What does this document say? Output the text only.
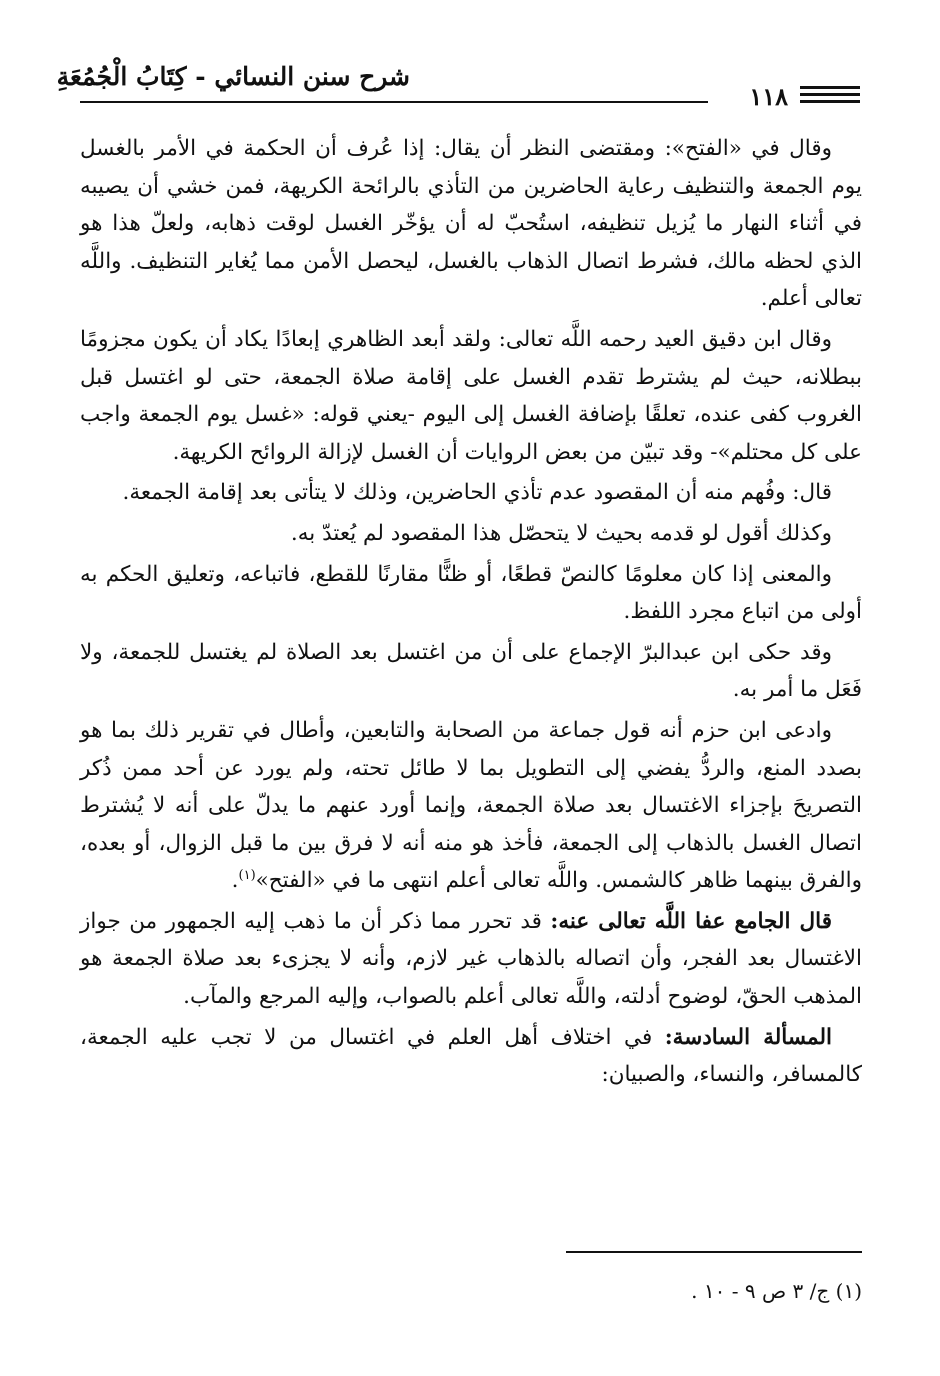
شرح سنن النسائي - كِتَابُ الْجُمُعَةِ
١١٨

وقال في «الفتح»: ومقتضى النظر أن يقال: إذا عُرف أن الحكمة في الأمر بالغسل يوم الجمعة والتنظيف رعاية الحاضرين من التأذي بالرائحة الكريهة، فمن خشي أن يصيبه في أثناء النهار ما يُزيل تنظيفه، استُحبّ له أن يؤخّر الغسل لوقت ذهابه، ولعلّ هذا هو الذي لحظه مالك، فشرط اتصال الذهاب بالغسل، ليحصل الأمن مما يُغاير التنظيف. واللَّه تعالى أعلم.

وقال ابن دقيق العيد رحمه اللَّه تعالى: ولقد أبعد الظاهري إبعادًا يكاد أن يكون مجزومًا ببطلانه، حيث لم يشترط تقدم الغسل على إقامة صلاة الجمعة، حتى لو اغتسل قبل الغروب كفى عنده، تعلقًا بإضافة الغسل إلى اليوم -يعني قوله: «غسل يوم الجمعة واجب على كل محتلم»- وقد تبيّن من بعض الروايات أن الغسل لإزالة الروائح الكريهة.

قال: وفُهم منه أن المقصود عدم تأذي الحاضرين، وذلك لا يتأتى بعد إقامة الجمعة.

وكذلك أقول لو قدمه بحيث لا يتحصّل هذا المقصود لم يُعتدّ به.

والمعنى إذا كان معلومًا كالنصّ قطعًا، أو ظنًّا مقارنًا للقطع، فاتباعه، وتعليق الحكم به أولى من اتباع مجرد اللفظ.

وقد حكى ابن عبدالبرّ الإجماع على أن من اغتسل بعد الصلاة لم يغتسل للجمعة، ولا فَعَل ما أمر به.

وادعى ابن حزم أنه قول جماعة من الصحابة والتابعين، وأطال في تقرير ذلك بما هو بصدد المنع، والردُّ يفضي إلى التطويل بما لا طائل تحته، ولم يورد عن أحد ممن ذُكر التصريحَ بإجزاء الاغتسال بعد صلاة الجمعة، وإنما أورد عنهم ما يدلّ على أنه لا يُشترط اتصال الغسل بالذهاب إلى الجمعة، فأخذ هو منه أنه لا فرق بين ما قبل الزوال، أو بعده، والفرق بينهما ظاهر كالشمس. واللَّه تعالى أعلم انتهى ما في «الفتح»$^{(١)}$.

قال الجامع عفا اللَّه تعالى عنه: قد تحرر مما ذكر أن ما ذهب إليه الجمهور من جواز الاغتسال بعد الفجر، وأن اتصاله بالذهاب غير لازم، وأنه لا يجزىء بعد صلاة الجمعة هو المذهب الحقّ، لوضوح أدلته، واللَّه تعالى أعلم بالصواب، وإليه المرجع والمآب.

المسألة السادسة: في اختلاف أهل العلم في اغتسال من لا تجب عليه الجمعة، كالمسافر، والنساء، والصبيان:

(١) ج/ ٣ ص ٩ - ١٠ .
